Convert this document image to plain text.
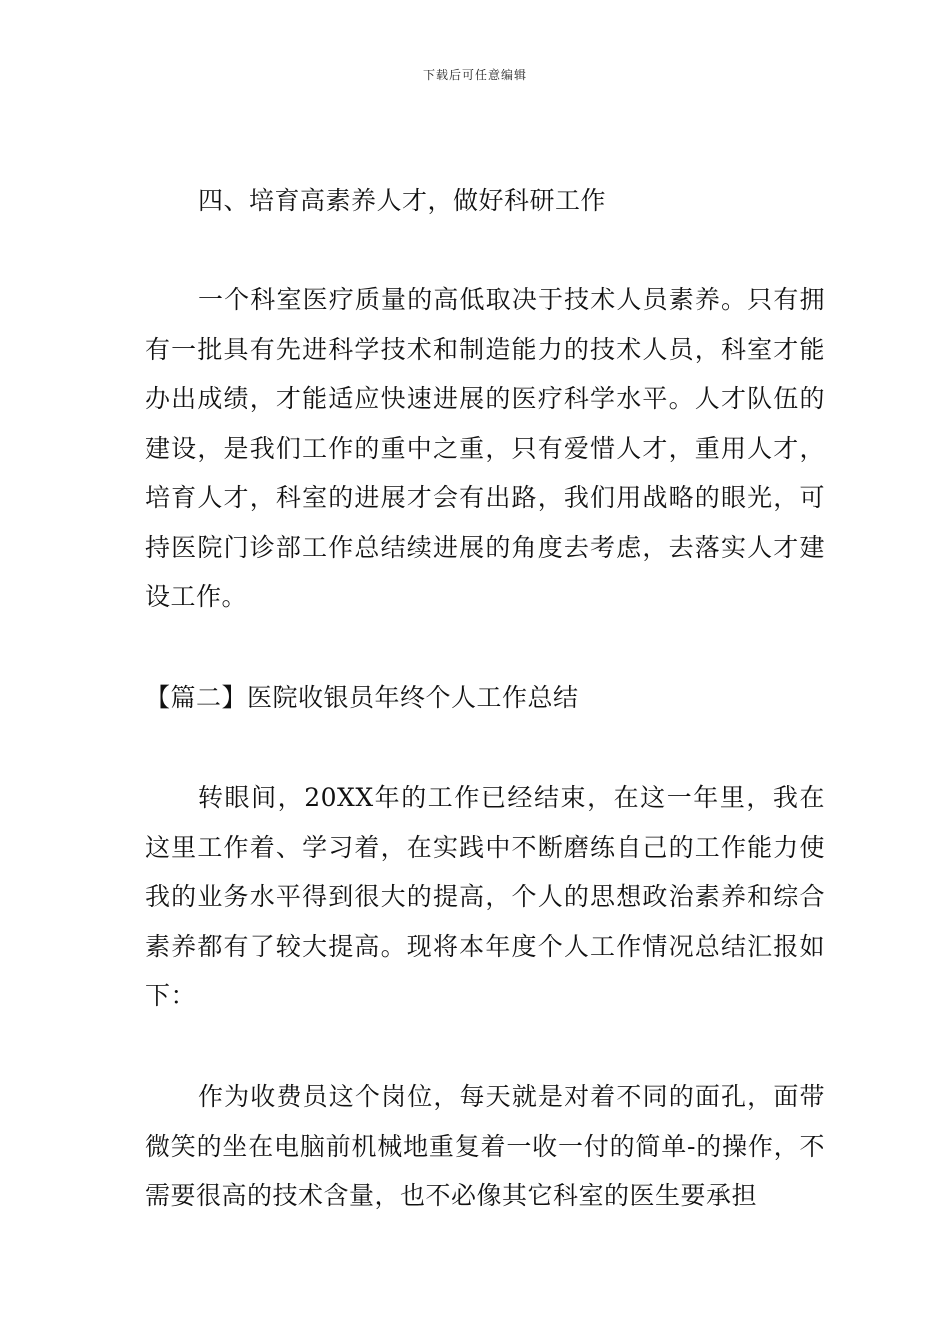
下载后可任意编辑
四、培育高素养人才，做好科研工作
一个科室医疗质量的高低取决于技术人员素养。只有拥有一批具有先进科学技术和制造能力的技术人员，科室才能办出成绩，才能适应快速进展的医疗科学水平。人才队伍的建设，是我们工作的重中之重，只有爱惜人才，重用人才，培育人才，科室的进展才会有出路，我们用战略的眼光，可持医院门诊部工作总结续进展的角度去考虑，去落实人才建设工作。
【篇二】医院收银员年终个人工作总结
转眼间，20XX年的工作已经结束，在这一年里，我在这里工作着、学习着，在实践中不断磨练自己的工作能力使我的业务水平得到很大的提高，个人的思想政治素养和综合素养都有了较大提高。现将本年度个人工作情况总结汇报如下：
作为收费员这个岗位，每天就是对着不同的面孔，面带微笑的坐在电脑前机械地重复着一收一付的简单-的操作，不需要很高的技术含量，也不必像其它科室的医生要承担
